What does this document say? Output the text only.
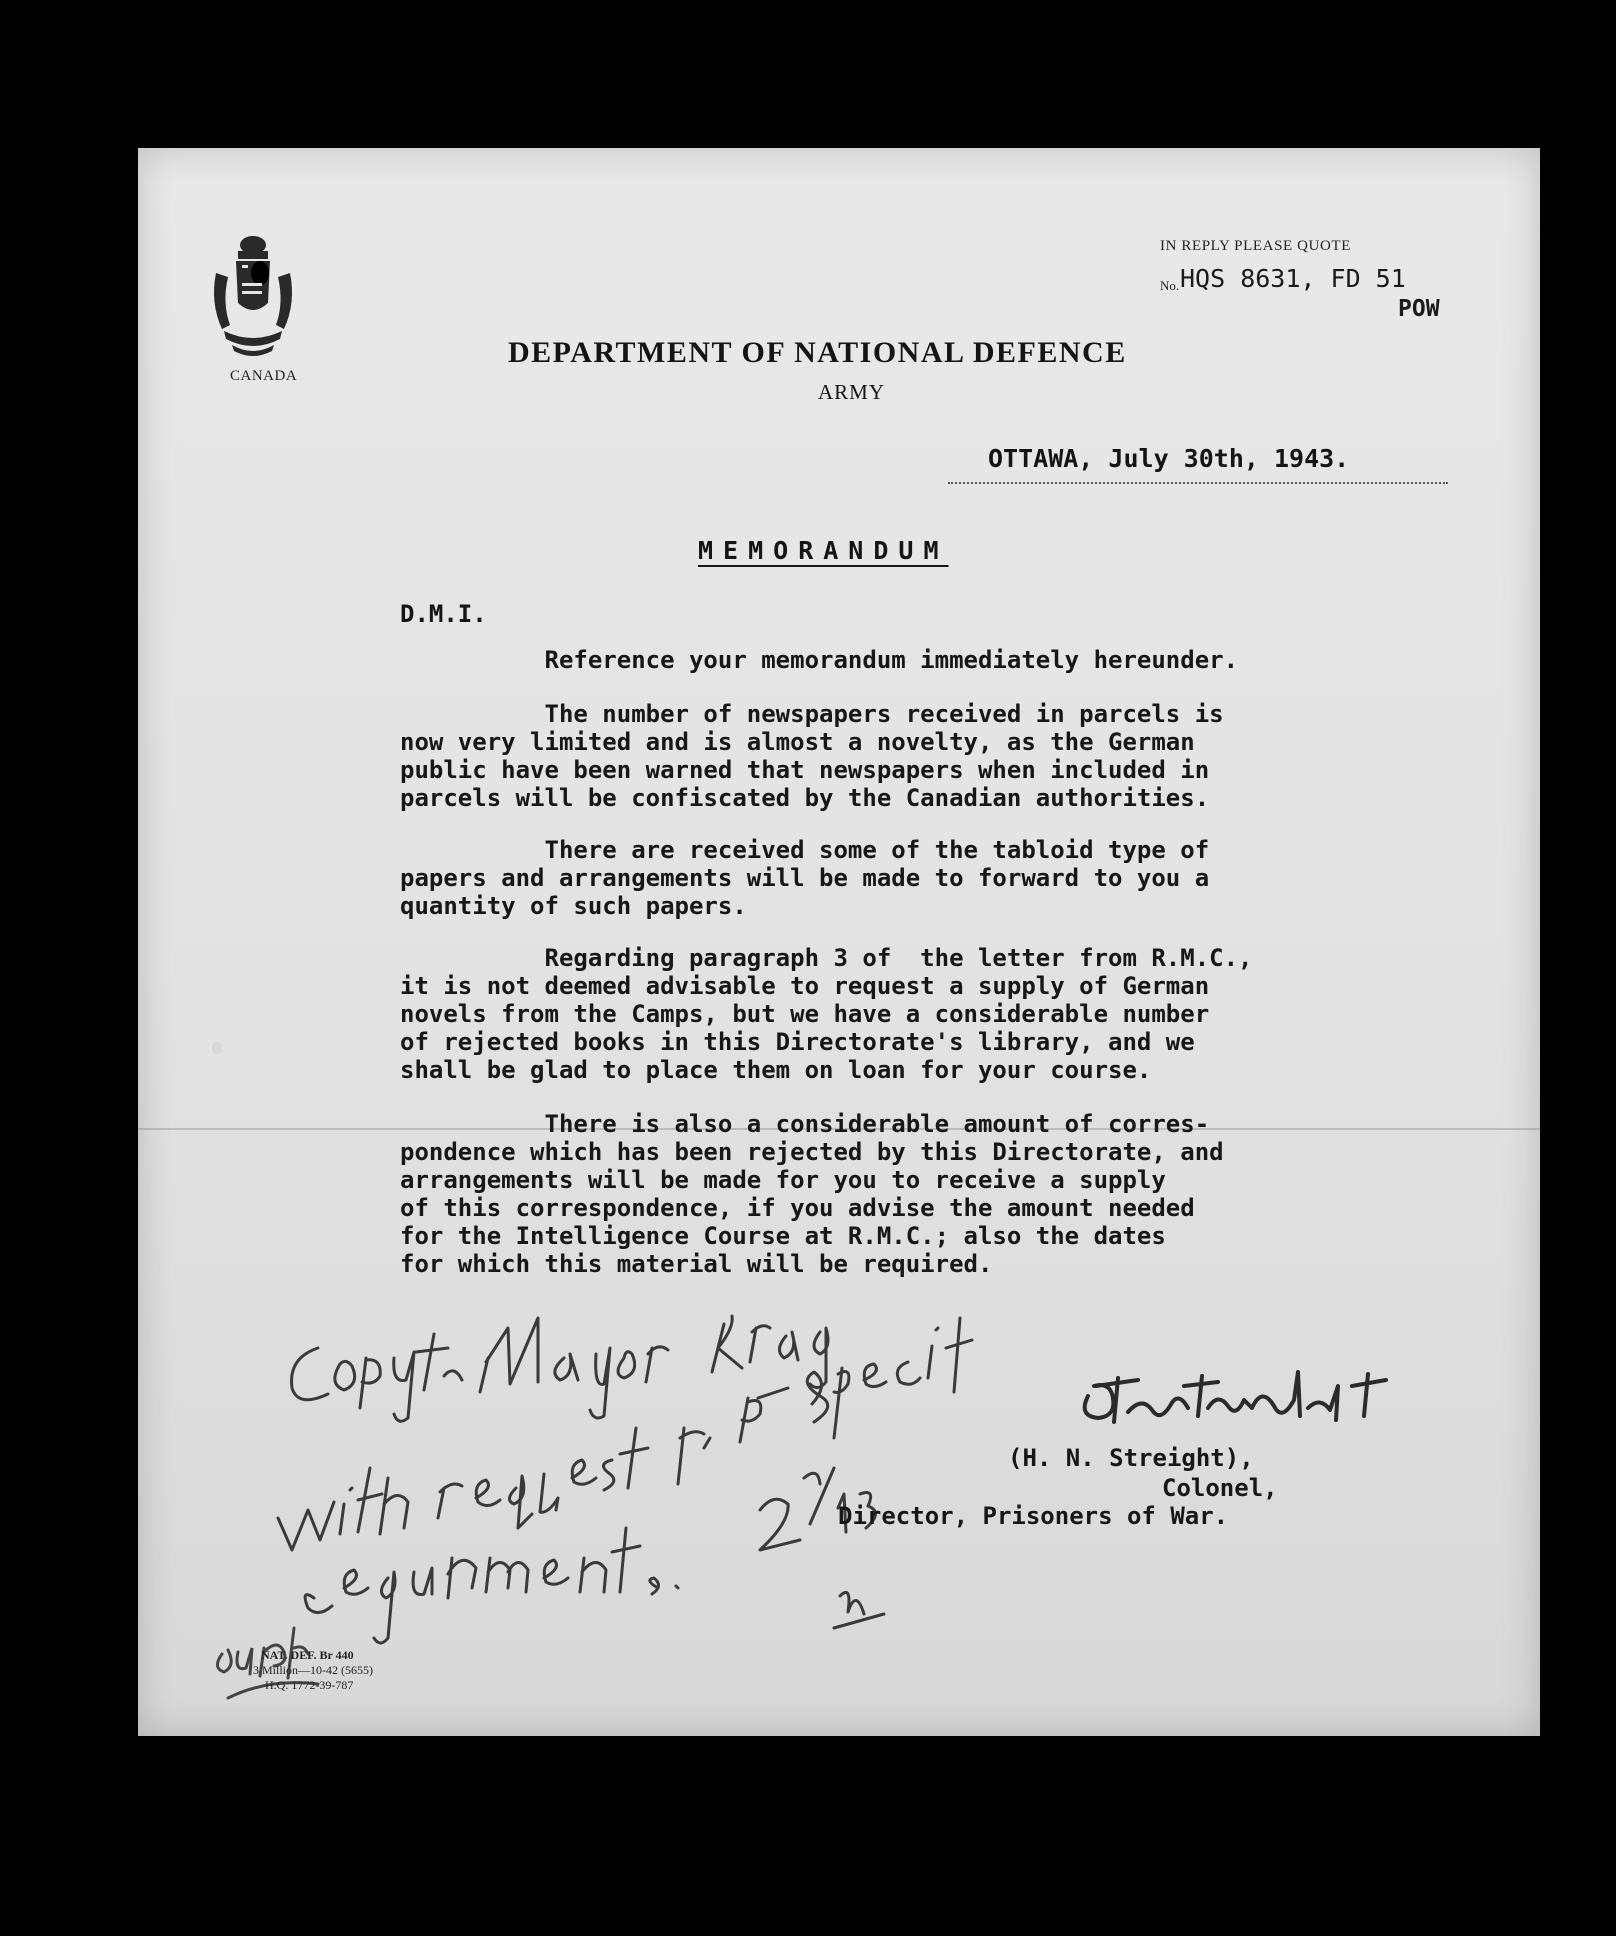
CANADA
IN REPLY PLEASE QUOTE
No. HQS 8631, FD 51
POW
DEPARTMENT OF NATIONAL DEFENCE
ARMY
OTTAWA, July 30th, 1943.
MEMORANDUM
D.M.I.
Reference your memorandum immediately hereunder.
The number of newspapers received in parcels is
now very limited and is almost a novelty, as the German
public have been warned that newspapers when included in
parcels will be confiscated by the Canadian authorities.
There are received some of the tabloid type of
papers and arrangements will be made to forward to you a
quantity of such papers.
Regarding paragraph 3 of  the letter from R.M.C.,
it is not deemed advisable to request a supply of German
novels from the Camps, but we have a considerable number
of rejected books in this Directorate's library, and we
shall be glad to place them on loan for your course.
There is also a considerable amount of corres-
pondence which has been rejected by this Directorate, and
arrangements will be made for you to receive a supply
of this correspondence, if you advise the amount needed
for the Intelligence Course at R.M.C.; also the dates
for which this material will be required.
NAT. DEF. Br 440
3 Million—10-42 (5655)
H.Q. 1772-39-787
(H. N. Streight),
Colonel,
Director, Prisoners of War.
